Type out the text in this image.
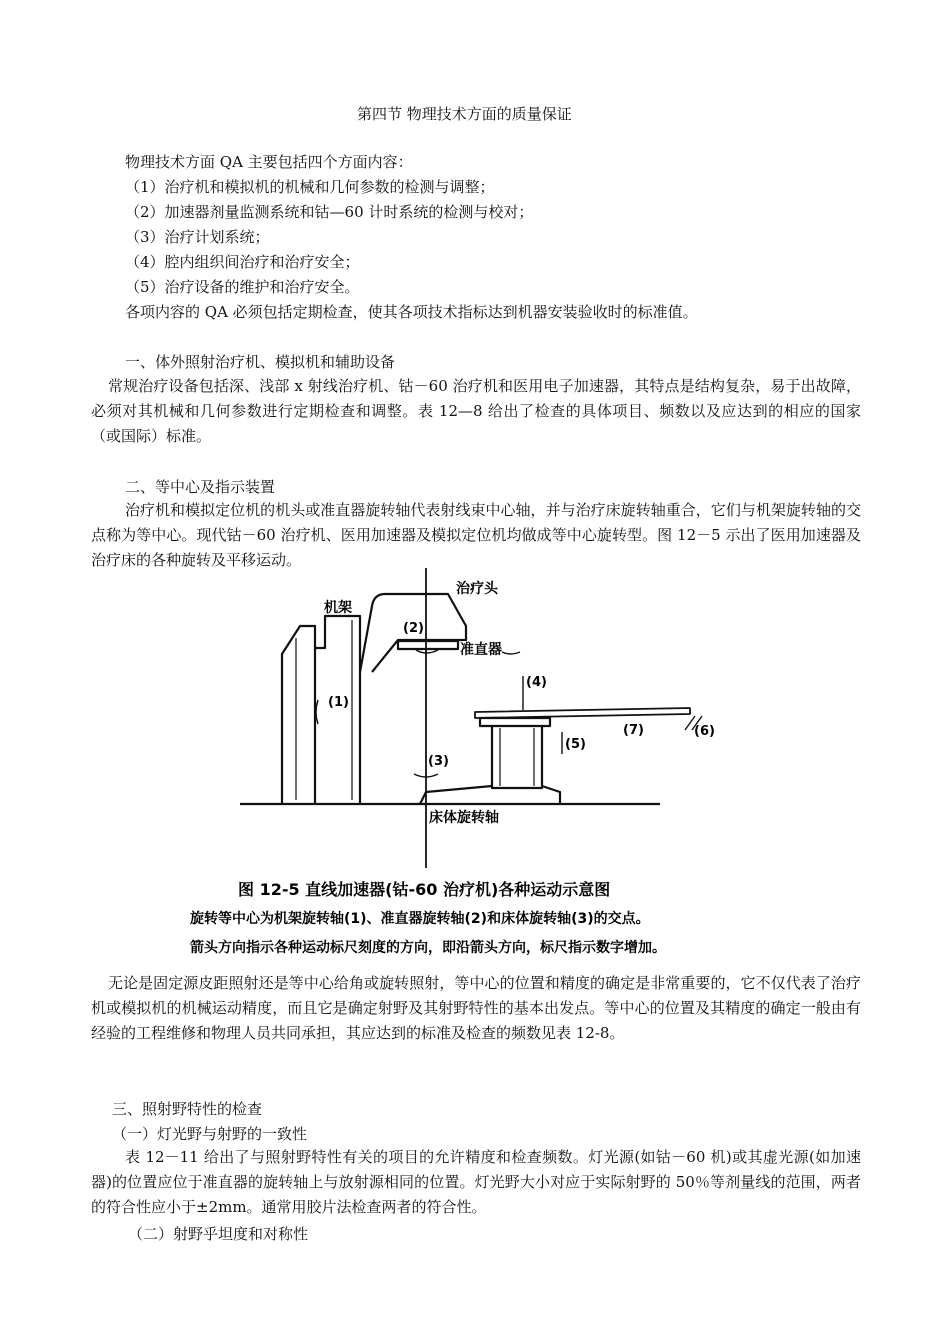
第四节 物理技术方面的质量保证
物理技术方面 QA 主要包括四个方面内容：
（1）治疗机和模拟机的机械和几何参数的检测与调整；
（2）加速器剂量监测系统和钴—60 计时系统的检测与校对；
（3）治疗计划系统；
（4）腔内组织间治疗和治疗安全；
（5）治疗设备的维护和治疗安全。
各项内容的 QA 必须包括定期检查，使其各项技术指标达到机器安装验收时的标准值。
一、体外照射治疗机、模拟机和辅助设备
常规治疗设备包括深、浅部 x 射线治疗机、钴－60 治疗机和医用电子加速器，其特点是结构复杂，易于出故障，必须对其机械和几何参数进行定期检查和调整。表 12—8 给出了检查的具体项目、频数以及应达到的相应的国家（或国际）标准。
二、等中心及指示装置
治疗机和模拟定位机的机头或准直器旋转轴代表射线束中心轴，并与治疗床旋转轴重合，它们与机架旋转轴的交点称为等中心。现代钴－60 治疗机、医用加速器及模拟定位机均做成等中心旋转型。图 12－5 示出了医用加速器及治疗床的各种旋转及平移运动。
治疗头
机架
准直器
床体旋转轴
(1)
(2)
(3)
(4)
(5)
(6)
(7)
图 12-5 直线加速器(钴-60 治疗机)各种运动示意图
旋转等中心为机架旋转轴(1)、准直器旋转轴(2)和床体旋转轴(3)的交点。
箭头方向指示各种运动标尺刻度的方向，即沿箭头方向，标尺指示数字增加。
无论是固定源皮距照射还是等中心给角或旋转照射，等中心的位置和精度的确定是非常重要的，它不仅代表了治疗机或模拟机的机械运动精度，而且它是确定射野及其射野特性的基本出发点。等中心的位置及其精度的确定一般由有经验的工程维修和物理人员共同承担，其应达到的标准及检查的频数见表 12-8。
三、照射野特性的检查
（一）灯光野与射野的一致性
表 12－11 给出了与照射野特性有关的项目的允许精度和检查频数。灯光源(如钴－60 机)或其虚光源(如加速器)的位置应位于准直器的旋转轴上与放射源相同的位置。灯光野大小对应于实际射野的 50％等剂量线的范围，两者的符合性应小于±2mm。通常用胶片法检查两者的符合性。
（二）射野乎坦度和对称性
